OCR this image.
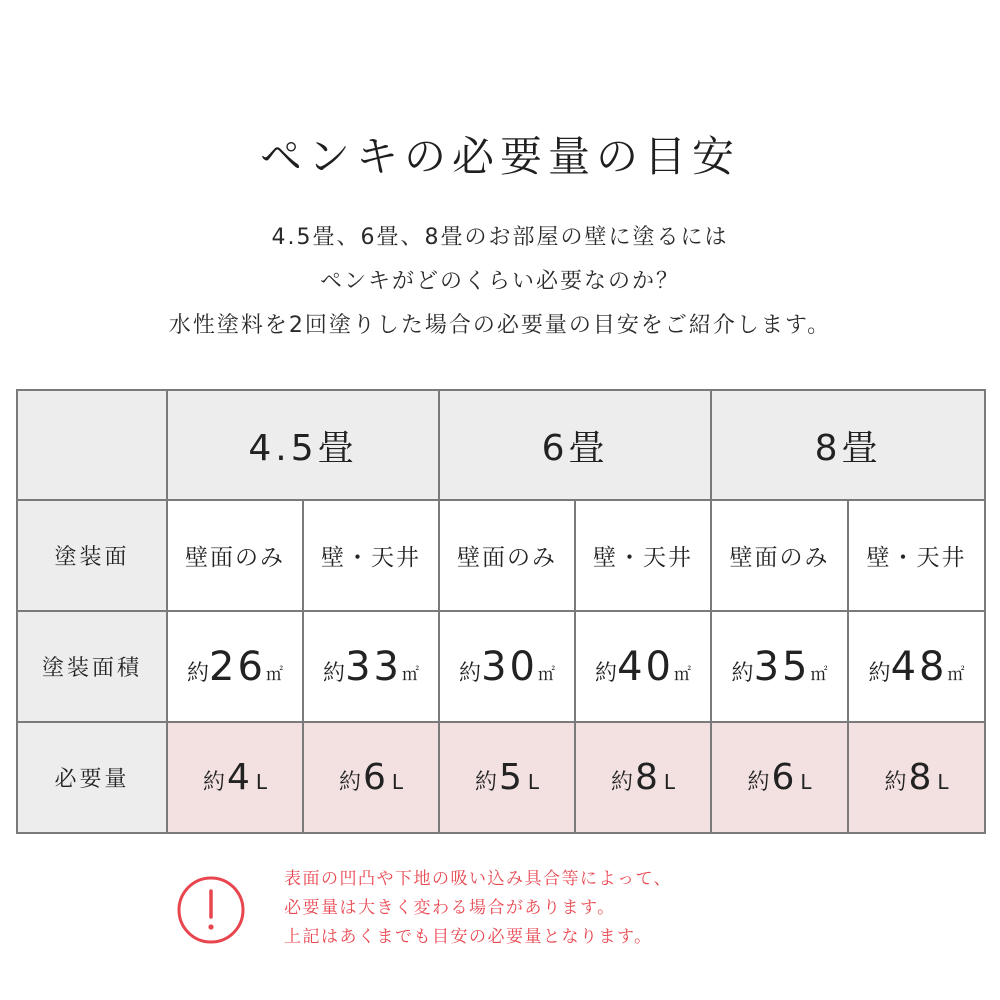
ペンキの必要量の目安
4.5畳、6畳、8畳のお部屋の壁に塗るには
ペンキがどのくらい必要なのか？
水性塗料を2回塗りした場合の必要量の目安をご紹介します。
	4.5畳		6畳		8畳	
塗装面	壁面のみ	壁・天井	壁面のみ	壁・天井	壁面のみ	壁・天井
塗装面積	約26㎡	約33㎡	約30㎡	約40㎡	約35㎡	約48㎡
必要量	約4 L	約6 L	約5 L	約8 L	約6 L	約8 L
表面の凹凸や下地の吸い込み具合等によって、
必要量は大きく変わる場合があります。
上記はあくまでも目安の必要量となります。
